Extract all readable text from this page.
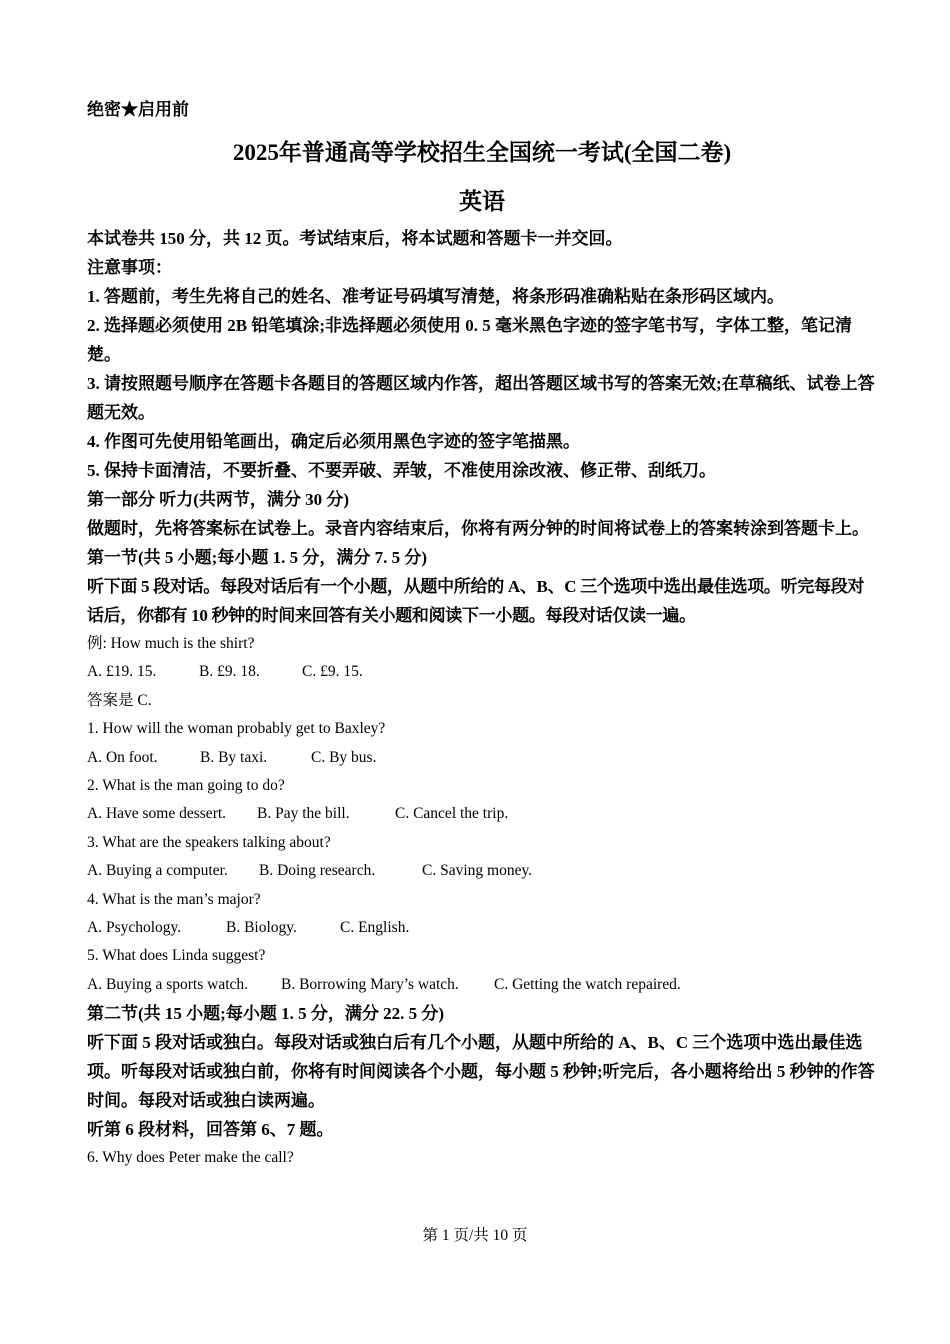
绝密★启用前
2025年普通高等学校招生全国统一考试(全国二卷)
英语
本试卷共 150 分，共 12 页。考试结束后，将本试题和答题卡一并交回。
注意事项：
1. 答题前，考生先将自己的姓名、准考证号码填写清楚，将条形码准确粘贴在条形码区域内。
2. 选择题必须使用 2B 铅笔填涂;非选择题必须使用 0. 5 毫米黑色字迹的签字笔书写，字体工整，笔记清楚。
3. 请按照题号顺序在答题卡各题目的答题区域内作答，超出答题区域书写的答案无效;在草稿纸、试卷上答题无效。
4. 作图可先使用铅笔画出，确定后必须用黑色字迹的签字笔描黑。
5. 保持卡面清洁，不要折叠、不要弄破、弄皱，不准使用涂改液、修正带、刮纸刀。
第一部分 听力(共两节，满分 30 分)
做题时，先将答案标在试卷上。录音内容结束后，你将有两分钟的时间将试卷上的答案转涂到答题卡上。
第一节(共 5 小题;每小题 1. 5 分，满分 7. 5 分)
听下面 5 段对话。每段对话后有一个小题，从题中所给的 A、B、C 三个选项中选出最佳选项。听完每段对话后，你都有 10 秒钟的时间来回答有关小题和阅读下一小题。每段对话仅读一遍。
例: How much is the shirt?
A. £19. 15.	B. £9. 18.	C. £9. 15.
答案是 C.
1. How will the woman probably get to Baxley?
A. On foot.	B. By taxi.	C. By bus.
2. What is the man going to do?
A. Have some dessert. B. Pay the bill.	C. Cancel the trip.
3. What are the speakers talking about?
A. Buying a computer. B. Doing research.	C. Saving money.
4. What is the man’s major?
A. Psychology.	B. Biology.	C. English.
5. What does Linda suggest?
A. Buying a sports watch. B. Borrowing Mary’s watch. C. Getting the watch repaired.
第二节(共 15 小题;每小题 1. 5 分，满分 22. 5 分)
听下面 5 段对话或独白。每段对话或独白后有几个小题，从题中所给的 A、B、C 三个选项中选出最佳选项。听每段对话或独白前，你将有时间阅读各个小题，每小题 5 秒钟;听完后，各小题将给出 5 秒钟的作答时间。每段对话或独白读两遍。
听第 6 段材料，回答第 6、7 题。
6. Why does Peter make the call?
第 1 页/共 10 页
